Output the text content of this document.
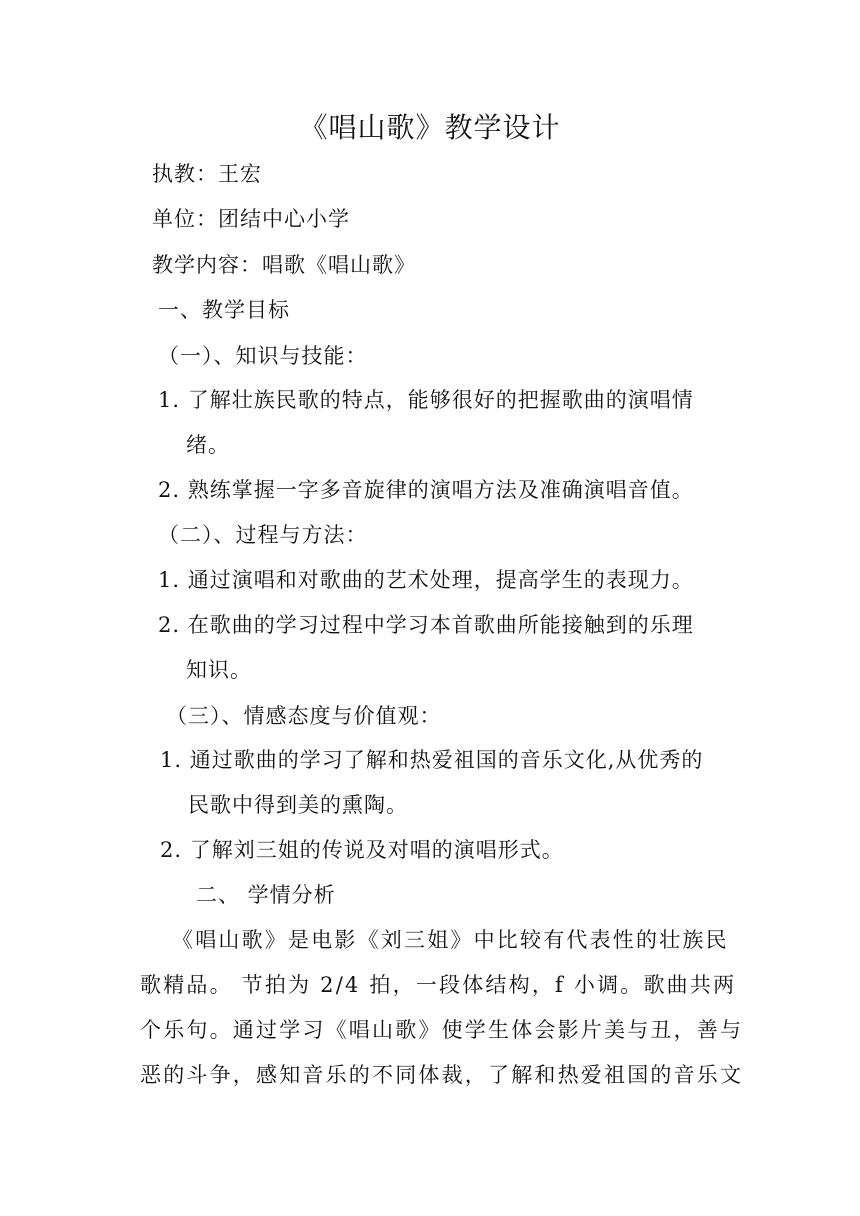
《唱山歌》教学设计
执教：王宏
单位：团结中心小学
教学内容：唱歌《唱山歌》
一、教学目标
（一）、知识与技能：
1. 了解壮族民歌的特点，能够很好的把握歌曲的演唱情
绪。
2. 熟练掌握一字多音旋律的演唱方法及准确演唱音值。
（二）、过程与方法：
1. 通过演唱和对歌曲的艺术处理，提高学生的表现力。
2. 在歌曲的学习过程中学习本首歌曲所能接触到的乐理
知识。
（三）、情感态度与价值观：
1. 通过歌曲的学习了解和热爱祖国的音乐文化,从优秀的
民歌中得到美的熏陶。
2. 了解刘三姐的传说及对唱的演唱形式。
二、 学情分析
《唱山歌》是电影《刘三姐》中比较有代表性的壮族民
歌精品。 节拍为 2/4 拍，一段体结构，f 小调。歌曲共两
个乐句。通过学习《唱山歌》使学生体会影片美与丑，善与
恶的斗争，感知音乐的不同体裁，了解和热爱祖国的音乐文
